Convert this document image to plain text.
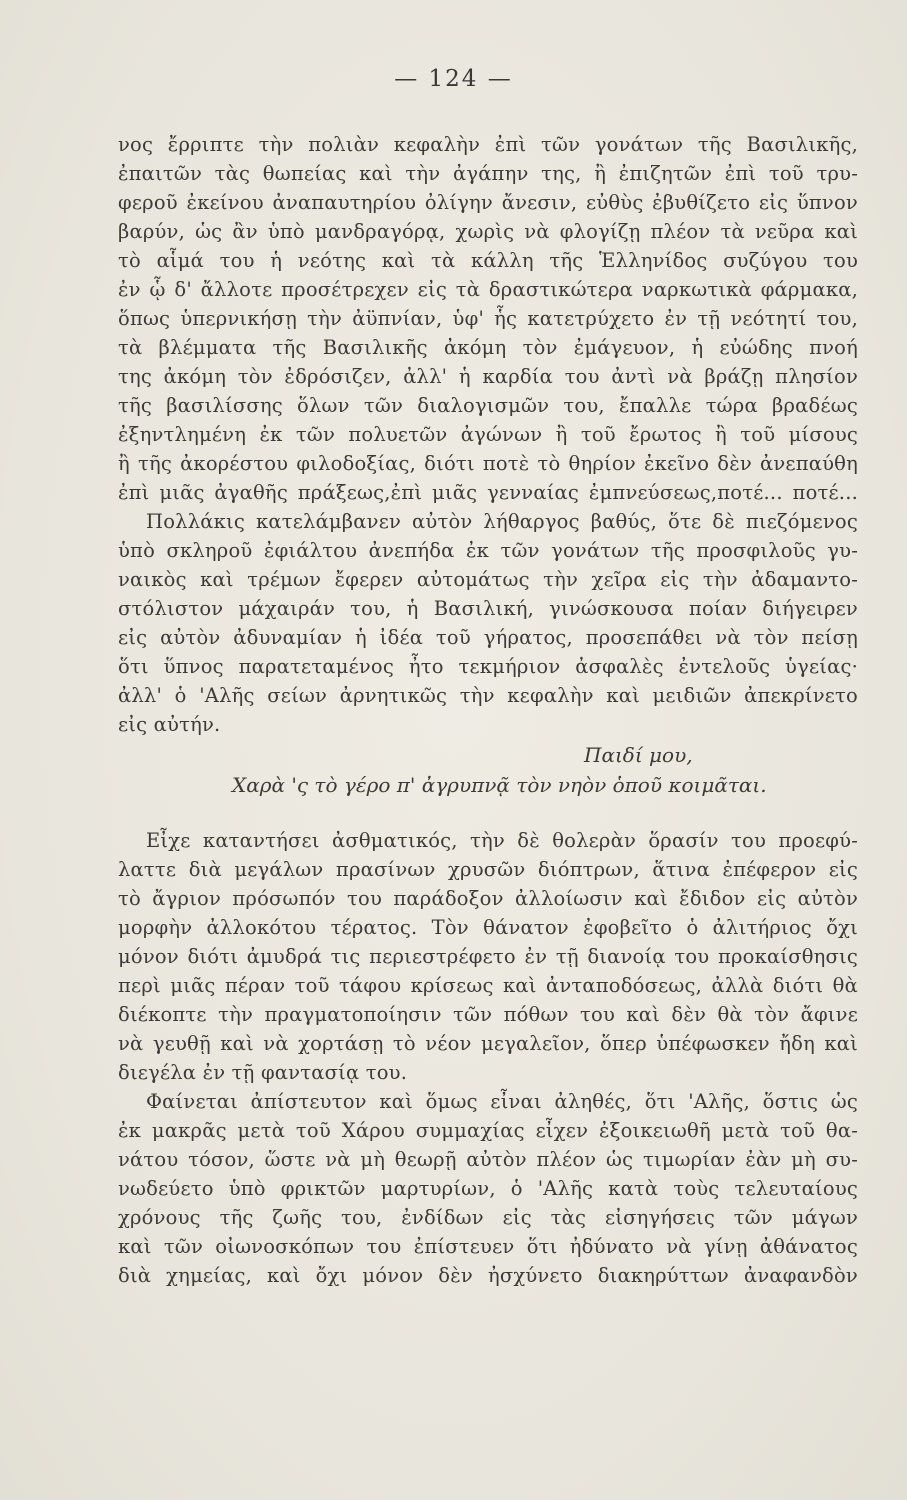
— 124 —
νος ἔρριπτε τὴν πολιὰν κεφαλὴν ἐπὶ τῶν γονάτων τῆς Βασιλικῆς,
ἐπαιτῶν τὰς θωπείας καὶ τὴν ἀγάπην της, ἢ ἐπιζητῶν ἐπὶ τοῦ τρυ-
φεροῦ ἐκείνου ἀναπαυτηρίου ὀλίγην ἄνεσιν, εὐθὺς ἐβυθίζετο εἰς ὕπνον
βαρύν, ὡς ἂν ὑπὸ μανδραγόρᾳ, χωρὶς νὰ φλογίζῃ πλέον τὰ νεῦρα καὶ
τὸ αἷμά του ἡ νεότης καὶ τὰ κάλλη τῆς Ἑλληνίδος συζύγου του
ἐν ᾧ δ' ἄλλοτε προσέτρεχεν εἰς τὰ δραστικώτερα ναρκωτικὰ φάρμακα,
ὅπως ὑπερνικήσῃ τὴν ἀϋπνίαν, ὑφ' ἧς κατετρύχετο ἐν τῇ νεότητί του,
τὰ βλέμματα τῆς Βασιλικῆς ἀκόμη τὸν ἐμάγευον, ἡ εὐώδης πνοή
της ἀκόμη τὸν ἐδρόσιζεν, ἀλλ' ἡ καρδία του ἀντὶ νὰ βράζῃ πλησίον
τῆς βασιλίσσης ὅλων τῶν διαλογισμῶν του, ἔπαλλε τώρα βραδέως
ἐξηντλημένη ἐκ τῶν πολυετῶν ἀγώνων ἢ τοῦ ἔρωτος ἢ τοῦ μίσους
ἢ τῆς ἀκορέστου φιλοδοξίας, διότι ποτὲ τὸ θηρίον ἐκεῖνο δὲν ἀνεπαύθη
ἐπὶ μιᾶς ἀγαθῆς πράξεως,ἐπὶ μιᾶς γενναίας ἐμπνεύσεως,ποτέ... ποτέ...
Πολλάκις κατελάμβανεν αὐτὸν λήθαργος βαθύς, ὅτε δὲ πιεζόμενος
ὑπὸ σκληροῦ ἐφιάλτου ἀνεπήδα ἐκ τῶν γονάτων τῆς προσφιλοῦς γυ-
ναικὸς καὶ τρέμων ἔφερεν αὐτομάτως τὴν χεῖρα εἰς τὴν ἀδαμαντο-
στόλιστον μάχαιράν του, ἡ Βασιλική, γινώσκουσα ποίαν διήγειρεν
εἰς αὐτὸν ἀδυναμίαν ἡ ἰδέα τοῦ γήρατος, προσεπάθει νὰ τὸν πείσῃ
ὅτι ὕπνος παρατεταμένος ἦτο τεκμήριον ἀσφαλὲς ἐντελοῦς ὑγείας·
ἀλλ' ὁ 'Αλῆς σείων ἀρνητικῶς τὴν κεφαλὴν καὶ μειδιῶν ἀπεκρίνετο
εἰς αὐτήν.
Παιδί μου,
Χαρὰ 'ς τὸ γέρο π' ἀγρυπνᾷ τὸν νηὸν ὁποῦ κοιμᾶται.
Εἶχε καταντήσει ἀσθματικός, τὴν δὲ θολερὰν ὅρασίν του προεφύ-
λαττε διὰ μεγάλων πρασίνων χρυσῶν διόπτρων, ἅτινα ἐπέφερον εἰς
τὸ ἄγριον πρόσωπόν του παράδοξον ἀλλοίωσιν καὶ ἔδιδον εἰς αὐτὸν
μορφὴν ἀλλοκότου τέρατος. Τὸν θάνατον ἐφοβεῖτο ὁ ἀλιτήριος ὄχι
μόνον διότι ἀμυδρά τις περιεστρέφετο ἐν τῇ διανοίᾳ του προκαίσθησις
περὶ μιᾶς πέραν τοῦ τάφου κρίσεως καὶ ἀνταποδόσεως, ἀλλὰ διότι θὰ
διέκοπτε τὴν πραγματοποίησιν τῶν πόθων του καὶ δὲν θὰ τὸν ἄφινε
νὰ γευθῇ καὶ νὰ χορτάσῃ τὸ νέον μεγαλεῖον, ὅπερ ὑπέφωσκεν ἤδη καὶ
διεγέλα ἐν τῇ φαντασίᾳ του.
Φαίνεται ἀπίστευτον καὶ ὅμως εἶναι ἀληθές, ὅτι 'Αλῆς, ὅστις ὡς
ἐκ μακρᾶς μετὰ τοῦ Χάρου συμμαχίας εἶχεν ἐξοικειωθῆ μετὰ τοῦ θα-
νάτου τόσον, ὥστε νὰ μὴ θεωρῇ αὐτὸν πλέον ὡς τιμωρίαν ἐὰν μὴ συ-
νωδεύετο ὑπὸ φρικτῶν μαρτυρίων, ὁ 'Αλῆς κατὰ τοὺς τελευταίους
χρόνους τῆς ζωῆς του, ἐνδίδων εἰς τὰς εἰσηγήσεις τῶν μάγων
καὶ τῶν οἰωνοσκόπων του ἐπίστευεν ὅτι ἠδύνατο νὰ γίνῃ ἀθάνατος
διὰ χημείας, καὶ ὄχι μόνον δὲν ἠσχύνετο διακηρύττων ἀναφανδὸν
